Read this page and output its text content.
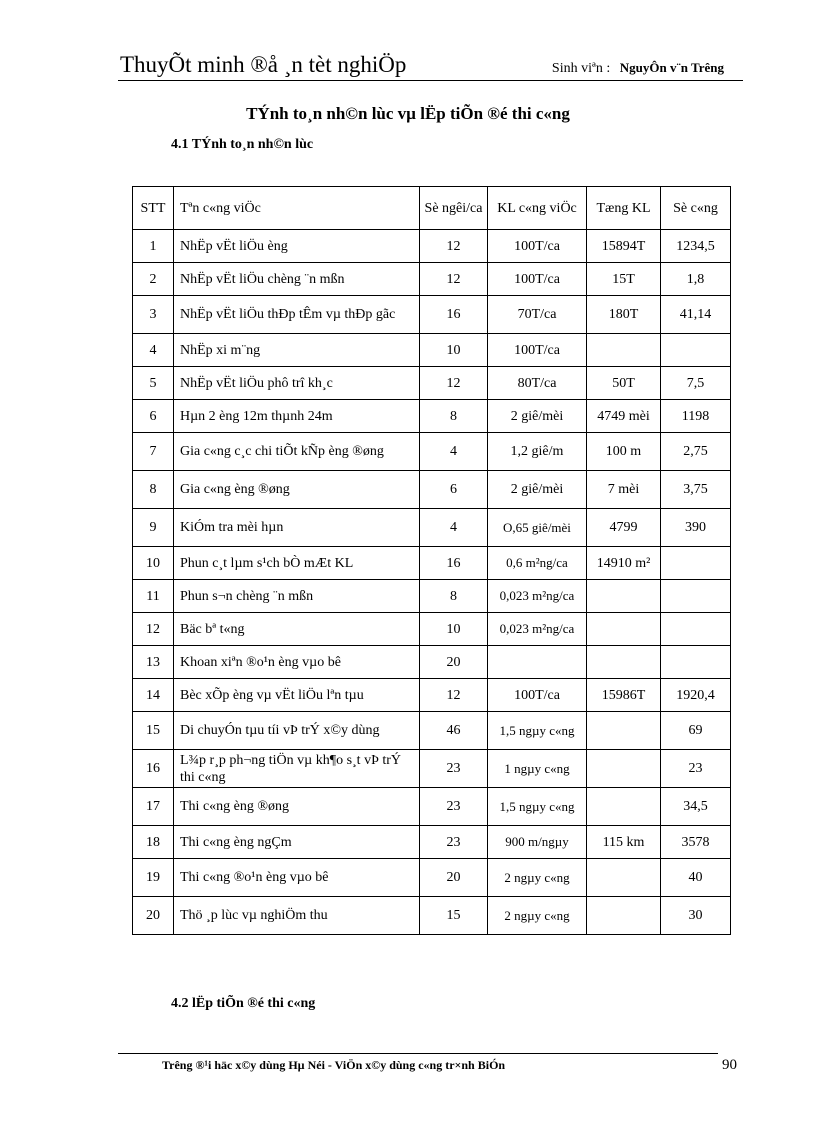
ThuyÕt minh ®å ¸n tèt nghiÖp	Sinh viªn : NguyÔn v¨n Trêng
TÝnh to¸n nh©n lùc vµ lËp tiÕn ®é thi c«ng
4.1 TÝnh to¸n nh©n lùc
STT	Tªn c«ng viÖc	Sè ngêi/ca	KL c«ng viÖc	Tæng KL	Sè c«ng
1	NhËp vËt liÖu èng	12	100T/ca	15894T	1234,5
2	NhËp vËt liÖu chèng ¨n mßn	12	100T/ca	15T	1,8
3	NhËp vËt liÖu thÐp tÊm vµ thÐp gãc	16	70T/ca	180T	41,14
4	NhËp xi m¨ng	10	100T/ca		
5	NhËp vËt liÖu phô trî kh¸c	12	80T/ca	50T	7,5
6	Hµn 2 èng 12m thµnh 24m	8	2 giê/mèi	4749 mèi	1198
7	Gia c«ng c¸c chi tiÕt kÑp èng ®øng	4	1,2 giê/m	100 m	2,75
8	Gia c«ng èng ®øng	6	2 giê/mèi	7 mèi	3,75
9	KiÓm tra mèi hµn	4	O,65 giê/mèi	4799	390
10	Phun c¸t lµm s¹ch bÒ mÆt KL	16	0,6 m²ng/ca	14910 m²	
11	Phun s¬n chèng ¨n mßn	8	0,023 m²ng/ca		
12	Bäc bª t«ng	10	0,023 m²ng/ca		
13	Khoan xiªn ®o¹n èng vµo bê	20			
14	Bèc xÕp èng vµ vËt liÖu lªn tµu	12	100T/ca	15986T	1920,4
15	Di chuyÓn tµu tíi vÞ trÝ x©y dùng	46	1,5 ngµy c«ng		69
16	L¾p r¸p ph¬ng tiÖn vµ kh¶o s¸t vÞ trÝ thi c«ng	23	1 ngµy c«ng		23
17	Thi c«ng èng ®øng	23	1,5 ngµy c«ng		34,5
18	Thi c«ng èng ngÇm	23	900 m/ngµy	115 km	3578
19	Thi c«ng ®o¹n èng vµo bê	20	2 ngµy c«ng		40
20	Thö ¸p lùc vµ nghiÖm thu	15	2 ngµy c«ng		30
4.2 lËp tiÕn ®é thi c«ng
Trêng ®¹i häc x©y dùng Hµ Néi - ViÖn x©y dùng c«ng tr×nh BiÓn	90
